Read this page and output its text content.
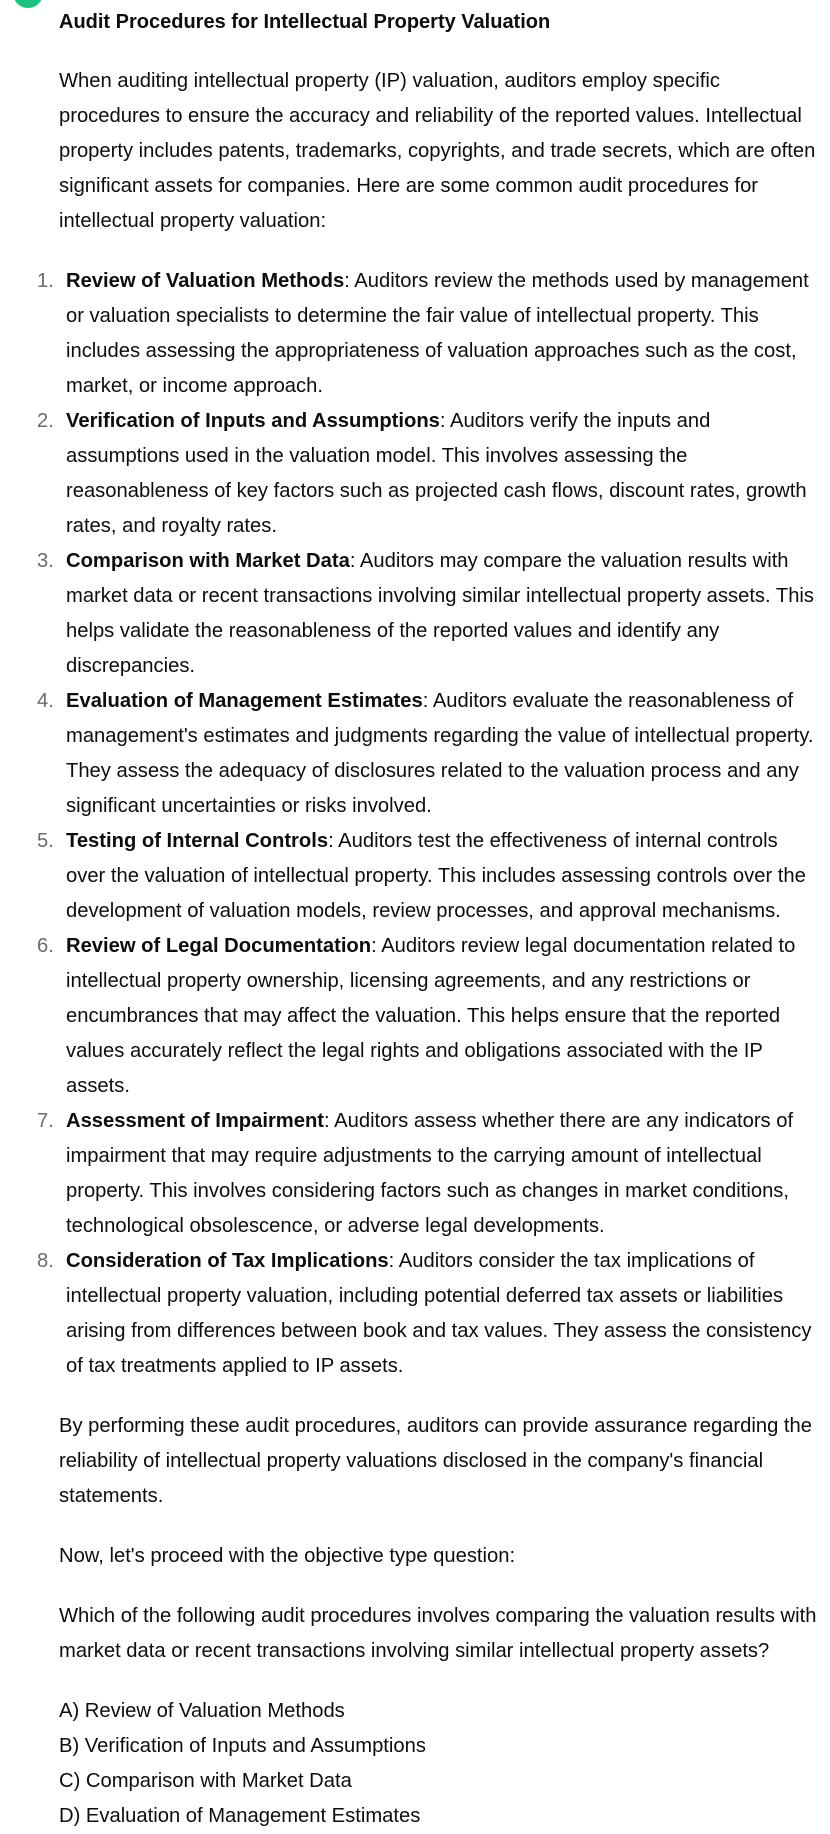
Audit Procedures for Intellectual Property Valuation

When auditing intellectual property (IP) valuation, auditors employ specific procedures to ensure the accuracy and reliability of the reported values. Intellectual property includes patents, trademarks, copyrights, and trade secrets, which are often significant assets for companies. Here are some common audit procedures for intellectual property valuation:

1. Review of Valuation Methods: Auditors review the methods used by management or valuation specialists to determine the fair value of intellectual property. This includes assessing the appropriateness of valuation approaches such as the cost, market, or income approach.
2. Verification of Inputs and Assumptions: Auditors verify the inputs and assumptions used in the valuation model. This involves assessing the reasonableness of key factors such as projected cash flows, discount rates, growth rates, and royalty rates.
3. Comparison with Market Data: Auditors may compare the valuation results with market data or recent transactions involving similar intellectual property assets. This helps validate the reasonableness of the reported values and identify any discrepancies.
4. Evaluation of Management Estimates: Auditors evaluate the reasonableness of management's estimates and judgments regarding the value of intellectual property. They assess the adequacy of disclosures related to the valuation process and any significant uncertainties or risks involved.
5. Testing of Internal Controls: Auditors test the effectiveness of internal controls over the valuation of intellectual property. This includes assessing controls over the development of valuation models, review processes, and approval mechanisms.
6. Review of Legal Documentation: Auditors review legal documentation related to intellectual property ownership, licensing agreements, and any restrictions or encumbrances that may affect the valuation. This helps ensure that the reported values accurately reflect the legal rights and obligations associated with the IP assets.
7. Assessment of Impairment: Auditors assess whether there are any indicators of impairment that may require adjustments to the carrying amount of intellectual property. This involves considering factors such as changes in market conditions, technological obsolescence, or adverse legal developments.
8. Consideration of Tax Implications: Auditors consider the tax implications of intellectual property valuation, including potential deferred tax assets or liabilities arising from differences between book and tax values. They assess the consistency of tax treatments applied to IP assets.

By performing these audit procedures, auditors can provide assurance regarding the reliability of intellectual property valuations disclosed in the company's financial statements.

Now, let's proceed with the objective type question:

Which of the following audit procedures involves comparing the valuation results with market data or recent transactions involving similar intellectual property assets?

A) Review of Valuation Methods
B) Verification of Inputs and Assumptions
C) Comparison with Market Data
D) Evaluation of Management Estimates
